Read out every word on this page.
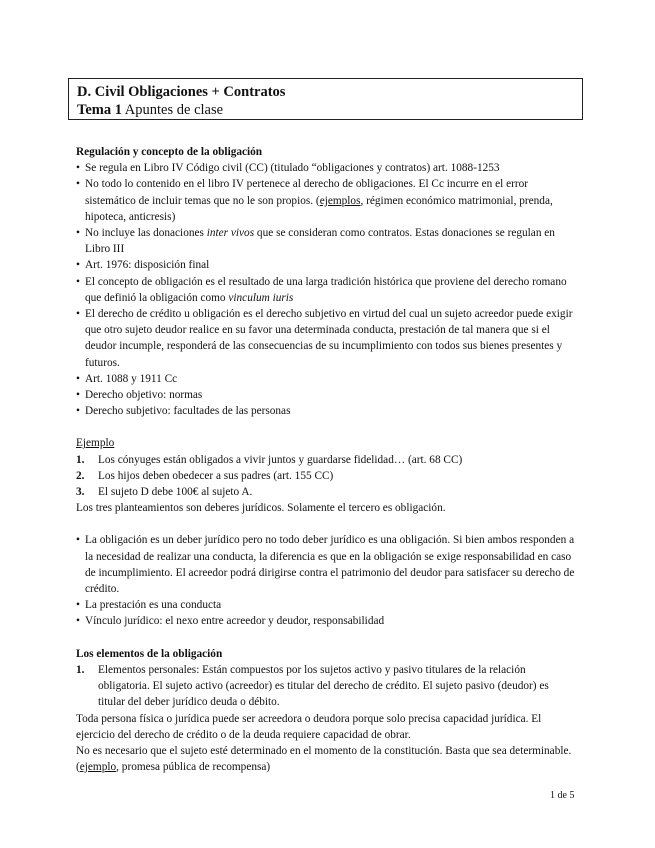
D. Civil Obligaciones + Contratos
Tema 1 Apuntes de clase

Regulación y concepto de la obligación

• Se regula en Libro IV Código civil (CC) (titulado “obligaciones y contratos) art. 1088-1253
• No todo lo contenido en el libro IV pertenece al derecho de obligaciones. El Cc incurre en el error sistemático de incluir temas que no le son propios. (ejemplos, régimen económico matrimonial, prenda, hipoteca, anticresis)
• No incluye las donaciones inter vivos que se consideran como contratos. Estas donaciones se regulan en Libro III
• Art. 1976: disposición final
• El concepto de obligación es el resultado de una larga tradición histórica que proviene del derecho romano que definió la obligación como vinculum iuris
• El derecho de crédito u obligación es el derecho subjetivo en virtud del cual un sujeto acreedor puede exigir que otro sujeto deudor realice en su favor una determinada conducta, prestación de tal manera que si el deudor incumple, responderá de las consecuencias de su incumplimiento con todos sus bienes presentes y futuros.
• Art. 1088 y 1911 Cc
• Derecho objetivo: normas
• Derecho subjetivo: facultades de las personas

Ejemplo

1. Los cónyuges están obligados a vivir juntos y guardarse fidelidad… (art. 68 CC)
2. Los hijos deben obedecer a sus padres (art. 155 CC)
3. El sujeto D debe 100€ al sujeto A.

Los tres planteamientos son deberes jurídicos. Solamente el tercero es obligación.

• La obligación es un deber jurídico pero no todo deber jurídico es una obligación. Si bien ambos responden a la necesidad de realizar una conducta, la diferencia es que en la obligación se exige responsabilidad en caso de incumplimiento. El acreedor podrá dirigirse contra el patrimonio del deudor para satisfacer su derecho de crédito.
• La prestación es una conducta
• Vínculo jurídico: el nexo entre acreedor y deudor, responsabilidad

Los elementos de la obligación

1. Elementos personales: Están compuestos por los sujetos activo y pasivo titulares de la relación obligatoria. El sujeto activo (acreedor) es titular del derecho de crédito. El sujeto pasivo (deudor) es titular del deber jurídico deuda o débito.

Toda persona física o jurídica puede ser acreedora o deudora porque solo precisa capacidad jurídica. El ejercicio del derecho de crédito o de la deuda requiere capacidad de obrar.

No es necesario que el sujeto esté determinado en el momento de la constitución. Basta que sea determinable. (ejemplo, promesa pública de recompensa)

1 de 5
